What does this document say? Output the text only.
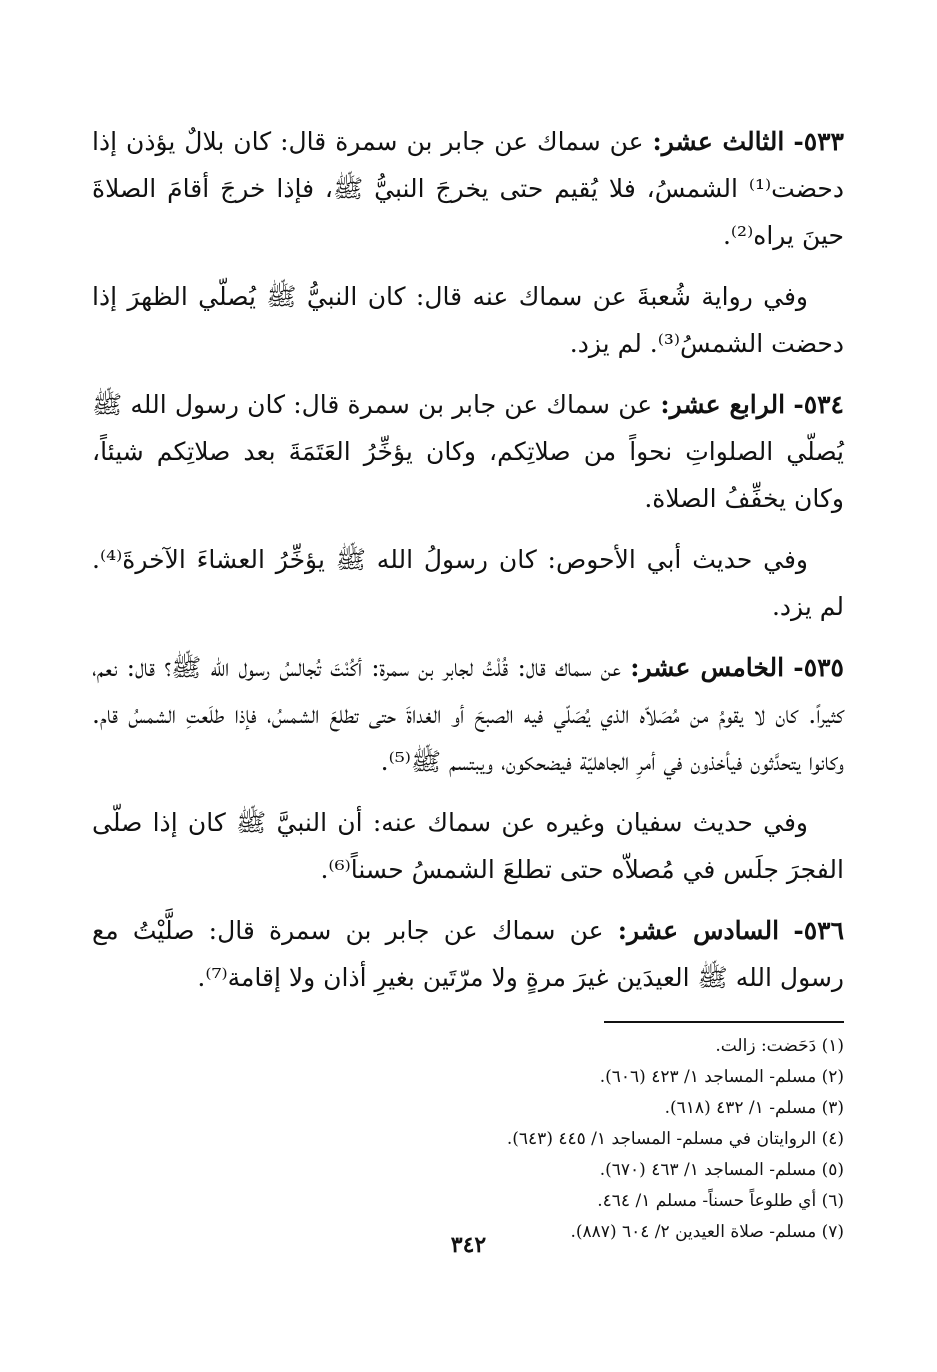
٥٣٣- الثالث عشر: عن سماك عن جابر بن سمرة قال: كان بلالٌ يؤذن إذا دحضت⁽¹⁾ الشمسُ، فلا يُقيم حتى يخرجَ النبيُّ ﷺ، فإذا خرجَ أقامَ الصلاةَ حينَ يراه⁽²⁾.

وفي رواية شُعبةَ عن سماك عنه قال: كان النبيُّ ﷺ يُصلّي الظهرَ إذا دحضت الشمسُ⁽³⁾. لم يزد.

٥٣٤- الرابع عشر: عن سماك عن جابر بن سمرة قال: كان رسول الله ﷺ يُصلّي الصلواتِ نحواً من صلاتِكم، وكان يؤخِّرُ العَتَمَةَ بعد صلاتِكم شيئاً، وكان يخفِّفُ الصلاة.

وفي حديث أبي الأحوص: كان رسولُ الله ﷺ يؤخِّرُ العشاءَ الآخرةَ⁽⁴⁾. لم يزد.

٥٣٥- الخامس عشر: عن سماك قال: قُلْتُ لجابر بن سمرة: أكُنْتَ تُجالسُ رسول الله ﷺ؟ قال: نعم، كثيراً. كان لا يقومُ من مُصَلاّه الذي يُصَلّي فيه الصبحَ أو الغداةَ حتى تطلعَ الشمسُ، فإذا طلَعتِ الشمسُ قام. وكانوا يتحدَّثون فيأخذون في أمرِ الجاهليّة فيضحكون، ويبتسم ﷺ⁽⁵⁾.

وفي حديث سفيان وغيره عن سماك عنه: أن النبيَّ ﷺ كان إذا صلّى الفجرَ جلَس في مُصلاّه حتى تطلعَ الشمسُ حسناً⁽⁶⁾.

٥٣٦- السادس عشر: عن سماك عن جابر بن سمرة قال: صلَّيْتُ مع رسول الله ﷺ العيدَين غيرَ مرةٍ ولا مرّتَين بغيرِ أذان ولا إقامة⁽⁷⁾.

(١) دَحَضت: زالت.

(٢) مسلم- المساجد ١/ ٤٢٣ (٦٠٦).

(٣) مسلم- ١/ ٤٣٢ (٦١٨).

(٤) الروايتان في مسلم- المساجد ١/ ٤٤٥ (٦٤٣).

(٥) مسلم- المساجد ١/ ٤٦٣ (٦٧٠).

(٦) أي طلوعاً حسناً- مسلم ١/ ٤٦٤.

(٧) مسلم- صلاة العيدين ٢/ ٦٠٤ (٨٨٧).

٣٤٢
